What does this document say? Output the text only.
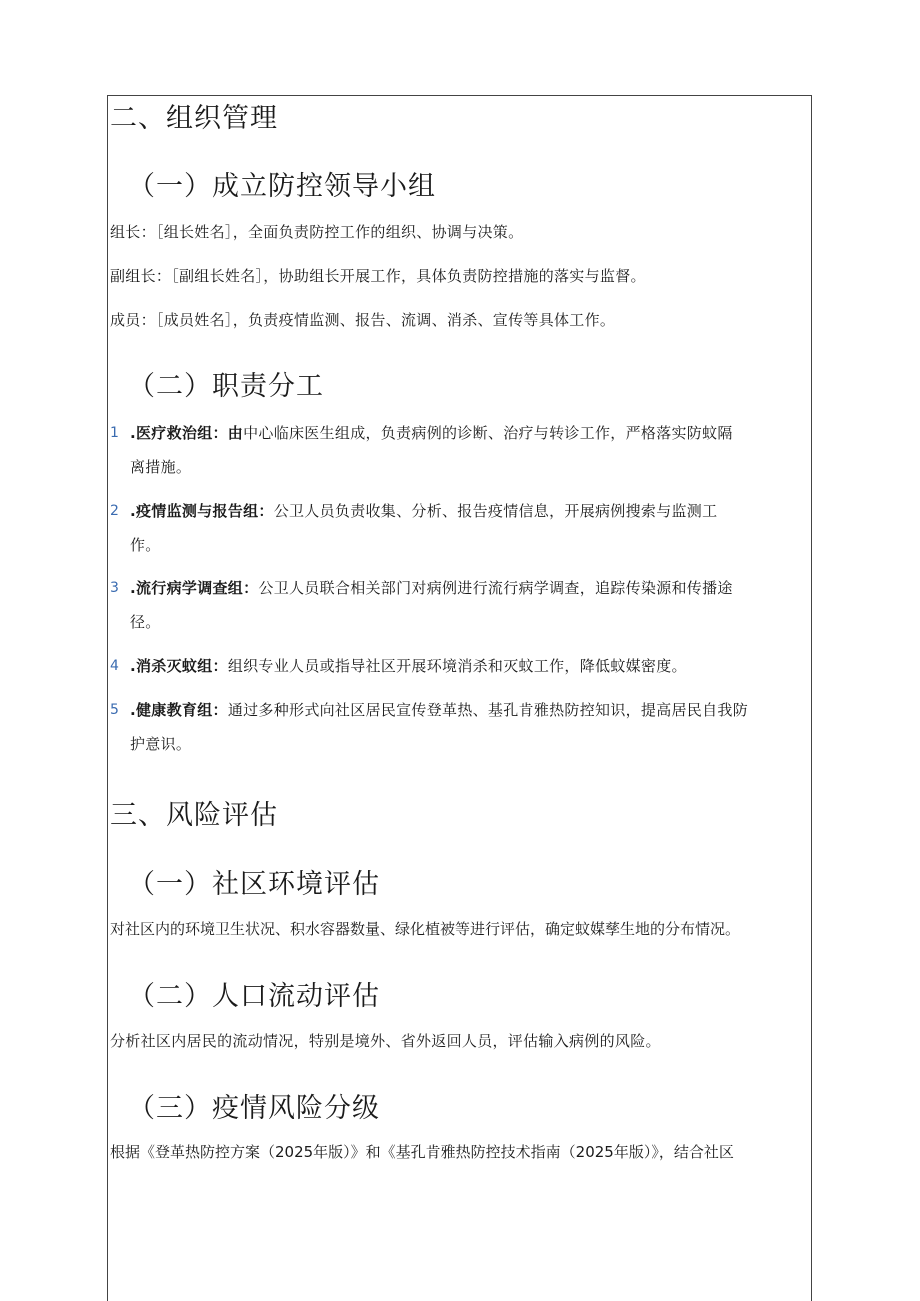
二、组织管理
（一）成立防控领导小组
组长：［组长姓名］，全面负责防控工作的组织、协调与决策。
副组长：［副组长姓名］，协助组长开展工作，具体负责防控措施的落实与监督。
成员：［成员姓名］，负责疫情监测、报告、流调、消杀、宣传等具体工作。
（二）职责分工
1 .医疗救治组：由中心临床医生组成，负责病例的诊断、治疗与转诊工作，严格落实防蚊隔
离措施。
2 .疫情监测与报告组：公卫人员负责收集、分析、报告疫情信息，开展病例搜索与监测工
作。
3 .流行病学调查组：公卫人员联合相关部门对病例进行流行病学调查，追踪传染源和传播途
径。
4 .消杀灭蚊组：组织专业人员或指导社区开展环境消杀和灭蚊工作，降低蚊媒密度。
5 .健康教育组：通过多种形式向社区居民宣传登革热、基孔肯雅热防控知识，提高居民自我防
护意识。
三、风险评估
（一）社区环境评估
对社区内的环境卫生状况、积水容器数量、绿化植被等进行评估，确定蚊媒孳生地的分布情况。
（二）人口流动评估
分析社区内居民的流动情况，特别是境外、省外返回人员，评估输入病例的风险。
（三）疫情风险分级
根据《登革热防控方案（2025年版）》和《基孔肯雅热防控技术指南（2025年版）》，结合社区
